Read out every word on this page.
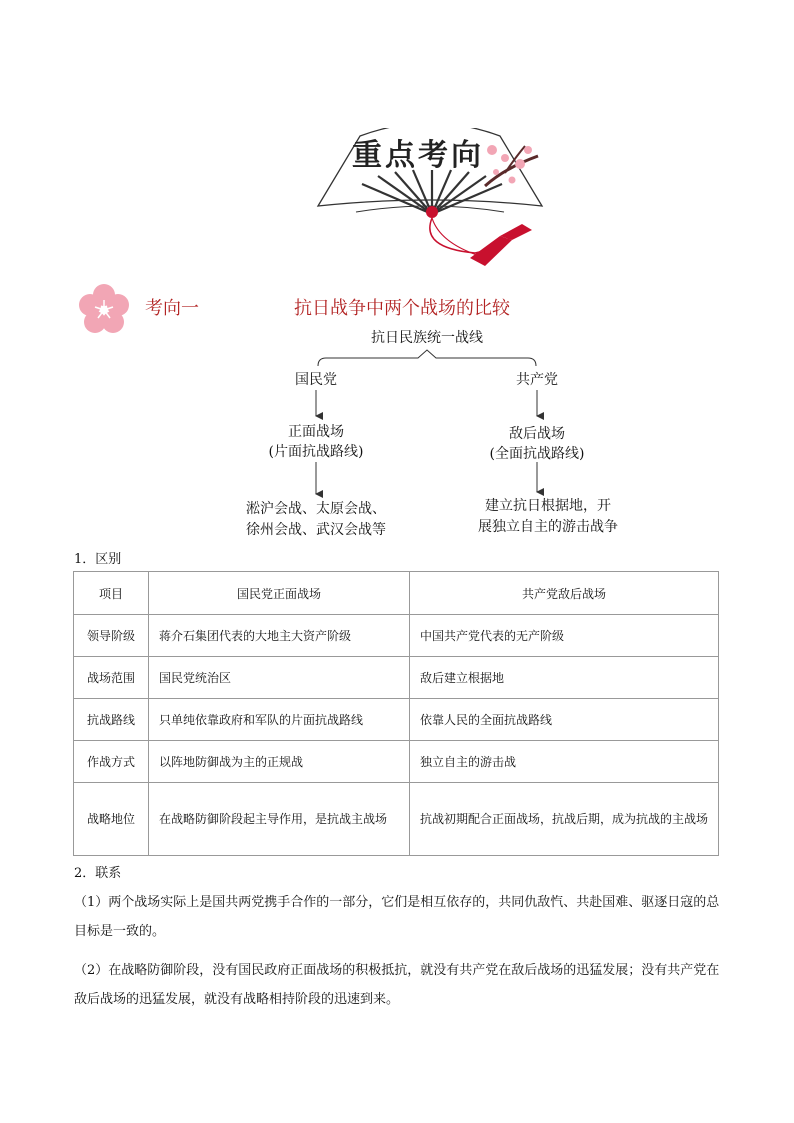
重点考向
考向一	抗日战争中两个战场的比较
抗日民族统一战线
国民党
正面战场
(片面抗战路线)
淞沪会战、太原会战、
徐州会战、武汉会战等
共产党
敌后战场
(全面抗战路线)
建立抗日根据地，开
展独立自主的游击战争
1．区别
项目	国民党正面战场	共产党敌后战场
领导阶级	蒋介石集团代表的大地主大资产阶级	中国共产党代表的无产阶级
战场范围	国民党统治区	敌后建立根据地
抗战路线	只单纯依靠政府和军队的片面抗战路线	依靠人民的全面抗战路线
作战方式	以阵地防御战为主的正规战	独立自主的游击战
战略地位	在战略防御阶段起主导作用，是抗战主战场	抗战初期配合正面战场，抗战后期，成为抗战的主战场
2．联系
（1）两个战场实际上是国共两党携手合作的一部分，它们是相互依存的，共同仇敌忾、共赴国难、驱逐日寇的总目标是一致的。
（2）在战略防御阶段，没有国民政府正面战场的积极抵抗，就没有共产党在敌后战场的迅猛发展；没有共产党在敌后战场的迅猛发展，就没有战略相持阶段的迅速到来。
